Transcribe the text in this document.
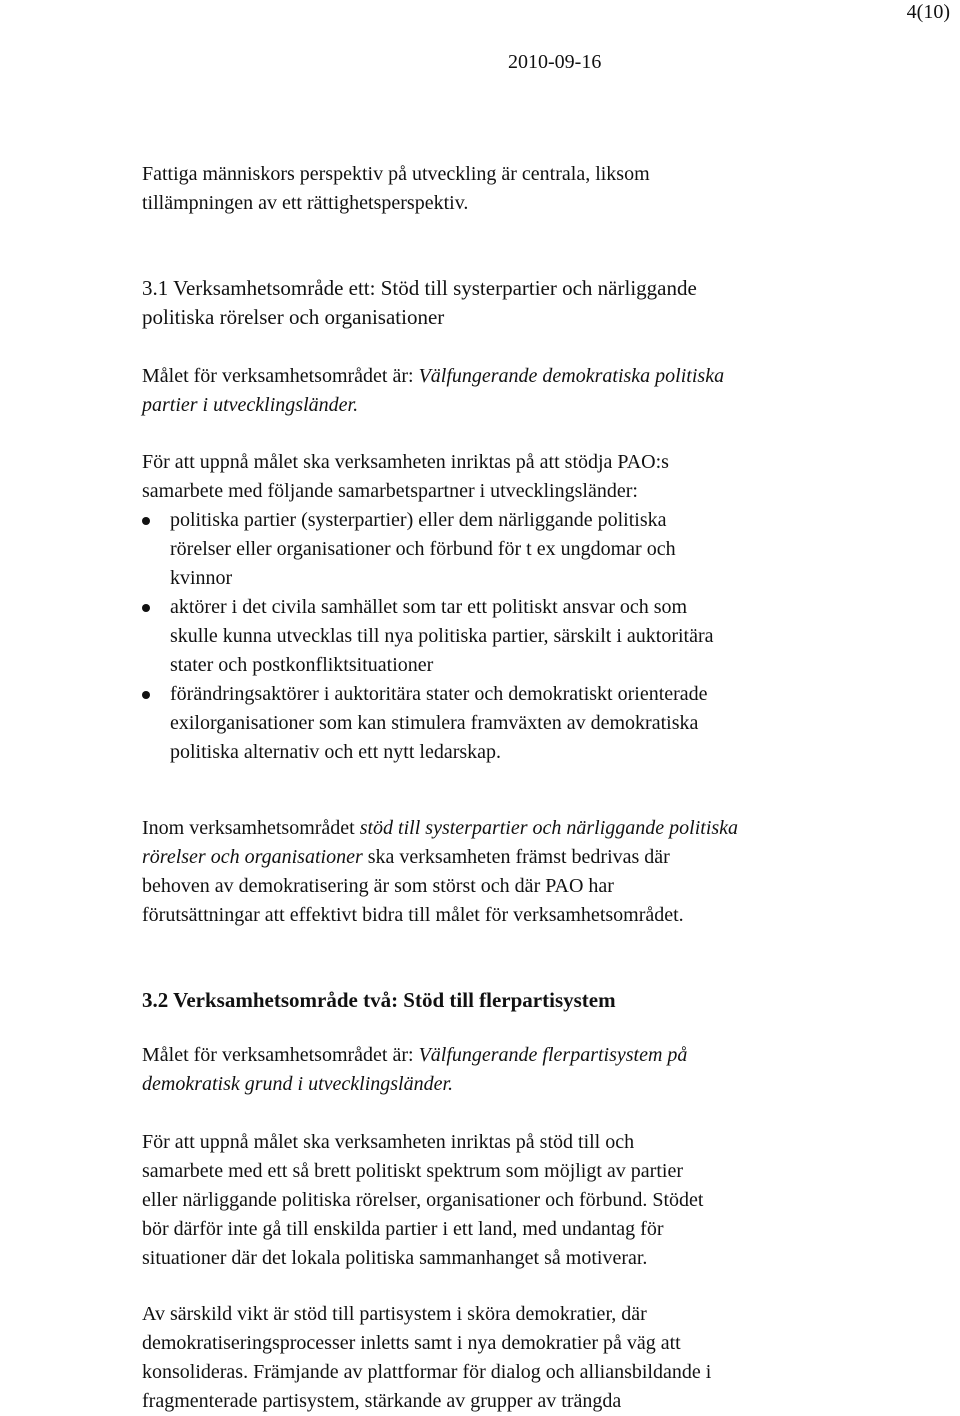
4(10)
2010-09-16
Fattiga människors perspektiv på utveckling är centrala, liksom
tillämpningen av ett rättighetsperspektiv.
3.1 Verksamhetsområde ett: Stöd till systerpartier och närliggande
politiska rörelser och organisationer
Målet för verksamhetsområdet är: Välfungerande demokratiska politiska
partier i utvecklingsländer.
För att uppnå målet ska verksamheten inriktas på att stödja PAO:s
samarbete med följande samarbetspartner i utvecklingsländer:
politiska partier (systerpartier) eller dem närliggande politiska
rörelser eller organisationer och förbund för t ex ungdomar och
kvinnor
aktörer i det civila samhället som tar ett politiskt ansvar och som
skulle kunna utvecklas till nya politiska partier, särskilt i auktoritära
stater och postkonfliktsituationer
förändringsaktörer i auktoritära stater och demokratiskt orienterade
exilorganisationer som kan stimulera framväxten av demokratiska
politiska alternativ och ett nytt ledarskap.
Inom verksamhetsområdet stöd till systerpartier och närliggande politiska
rörelser och organisationer ska verksamheten främst bedrivas där
behoven av demokratisering är som störst och där PAO har
förutsättningar att effektivt bidra till målet för verksamhetsområdet.
3.2 Verksamhetsområde två: Stöd till flerpartisystem
Målet för verksamhetsområdet är: Välfungerande flerpartisystem på
demokratisk grund i utvecklingsländer.
För att uppnå målet ska verksamheten inriktas på stöd till och
samarbete med ett så brett politiskt spektrum som möjligt av partier
eller närliggande politiska rörelser, organisationer och förbund. Stödet
bör därför inte gå till enskilda partier i ett land, med undantag för
situationer där det lokala politiska sammanhanget så motiverar.
Av särskild vikt är stöd till partisystem i sköra demokratier, där
demokratiseringsprocesser inletts samt i nya demokratier på väg att
konsolideras. Främjande av plattformar för dialog och alliansbildande i
fragmenterade partisystem, stärkande av grupper av trängda
